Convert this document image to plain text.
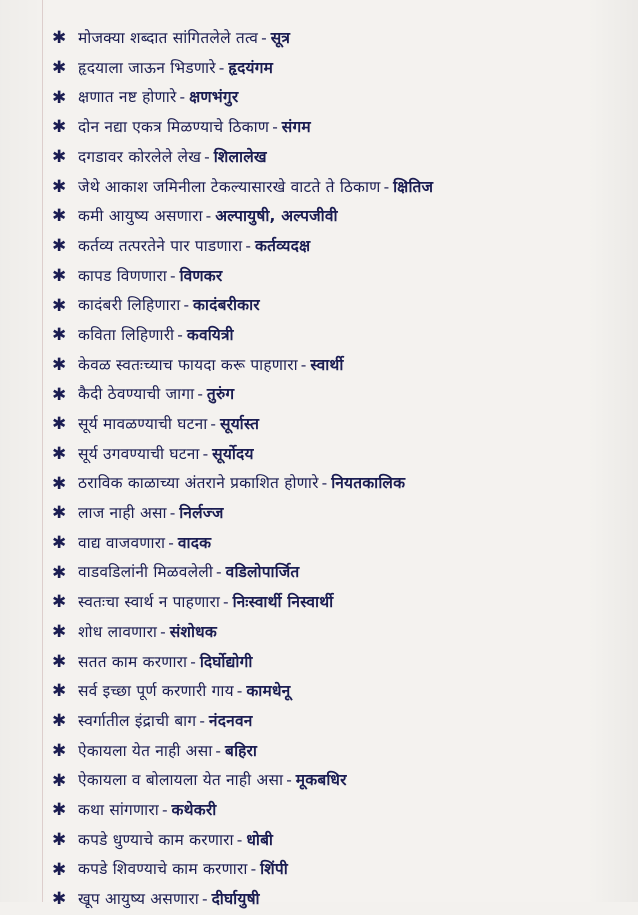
✱ मोजक्या शब्दात सांगितलेले तत्व - सूत्र
✱ हृदयाला जाऊन भिडणारे - हृदयंगम
✱ क्षणात नष्ट होणारे - क्षणभंगुर
✱ दोन नद्या एकत्र मिळण्याचे ठिकाण - संगम
✱ दगडावर कोरलेले लेख - शिलालेख
✱ जेथे आकाश जमिनीला टेकल्यासारखे वाटते ते ठिकाण - क्षितिज
✱ कमी आयुष्य असणारा - अल्पायुषी, अल्पजीवी
✱ कर्तव्य तत्परतेने पार पाडणारा - कर्तव्यदक्ष
✱ कापड विणणारा - विणकर
✱ कादंबरी लिहिणारा - कादंबरीकार
✱ कविता लिहिणारी - कवयित्री
✱ केवळ स्वतःच्याच फायदा करू पाहणारा - स्वार्थी
✱ कैदी ठेवण्याची जागा - तुरुंग
✱ सूर्य मावळण्याची घटना - सूर्यास्त
✱ सूर्य उगवण्याची घटना - सूर्योदय
✱ ठराविक काळाच्या अंतराने प्रकाशित होणारे - नियतकालिक
✱ लाज नाही असा - निर्लज्ज
✱ वाद्य वाजवणारा - वादक
✱ वाडवडिलांनी मिळवलेली - वडिलोपार्जित
✱ स्वतःचा स्वार्थ न पाहणारा - निःस्वार्थी निस्वार्थी
✱ शोध लावणारा - संशोधक
✱ सतत काम करणारा - दिर्घोद्योगी
✱ सर्व इच्छा पूर्ण करणारी गाय - कामधेनू
✱ स्वर्गातील इंद्राची बाग - नंदनवन
✱ ऐकायला येत नाही असा - बहिरा
✱ ऐकायला व बोलायला येत नाही असा - मूकबधिर
✱ कथा सांगणारा - कथेकरी
✱ कपडे धुण्याचे काम करणारा - धोबी
✱ कपडे शिवण्याचे काम करणारा - शिंपी
✱ खूप आयुष्य असणारा - दीर्घायुषी
